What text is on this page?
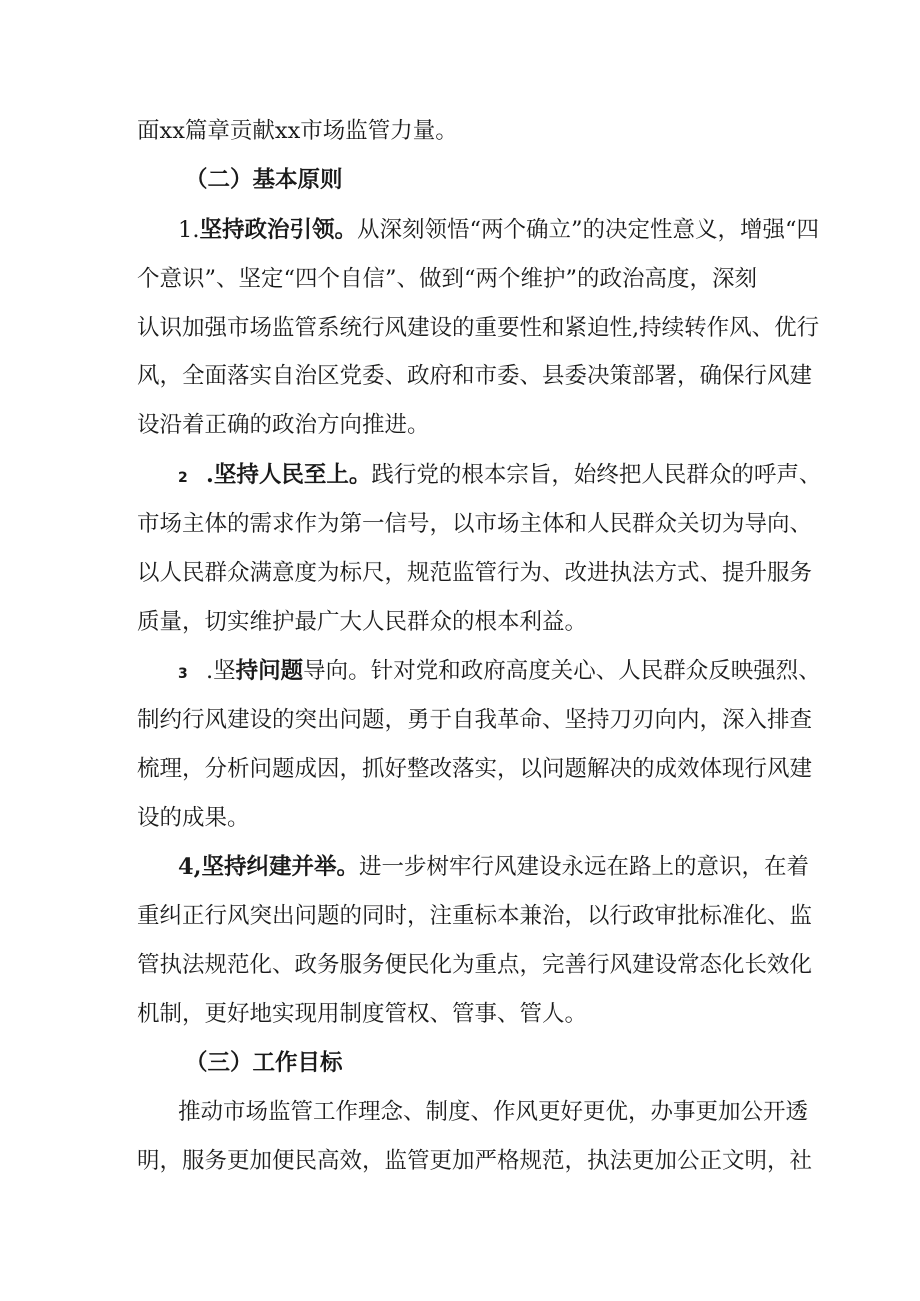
面xx篇章贡献xx市场监管力量。
（二）基本原则
1.坚持政治引领。从深刻领悟“两个确立”的决定性意义，增强“四
个意识”、坚定“四个自信”、做到“两个维护”的政治高度，深刻
认识加强市场监管系统行风建设的重要性和紧迫性,持续转作风、优行
风，全面落实自治区党委、政府和市委、县委决策部署，确保行风建
设沿着正确的政治方向推进。
2 .坚持人民至上。践行党的根本宗旨，始终把人民群众的呼声、
市场主体的需求作为第一信号，以市场主体和人民群众关切为导向、
以人民群众满意度为标尺，规范监管行为、改进执法方式、提升服务
质量，切实维护最广大人民群众的根本利益。
3 .坚持问题导向。针对党和政府高度关心、人民群众反映强烈、
制约行风建设的突出问题，勇于自我革命、坚持刀刃向内，深入排查
梳理，分析问题成因，抓好整改落实，以问题解决的成效体现行风建
设的成果。
4,坚持纠建并举。进一步树牢行风建设永远在路上的意识，在着
重纠正行风突出问题的同时，注重标本兼治，以行政审批标准化、监
管执法规范化、政务服务便民化为重点，完善行风建设常态化长效化
机制，更好地实现用制度管权、管事、管人。
（三）工作目标
推动市场监管工作理念、制度、作风更好更优，办事更加公开透
明，服务更加便民高效，监管更加严格规范，执法更加公正文明，社
